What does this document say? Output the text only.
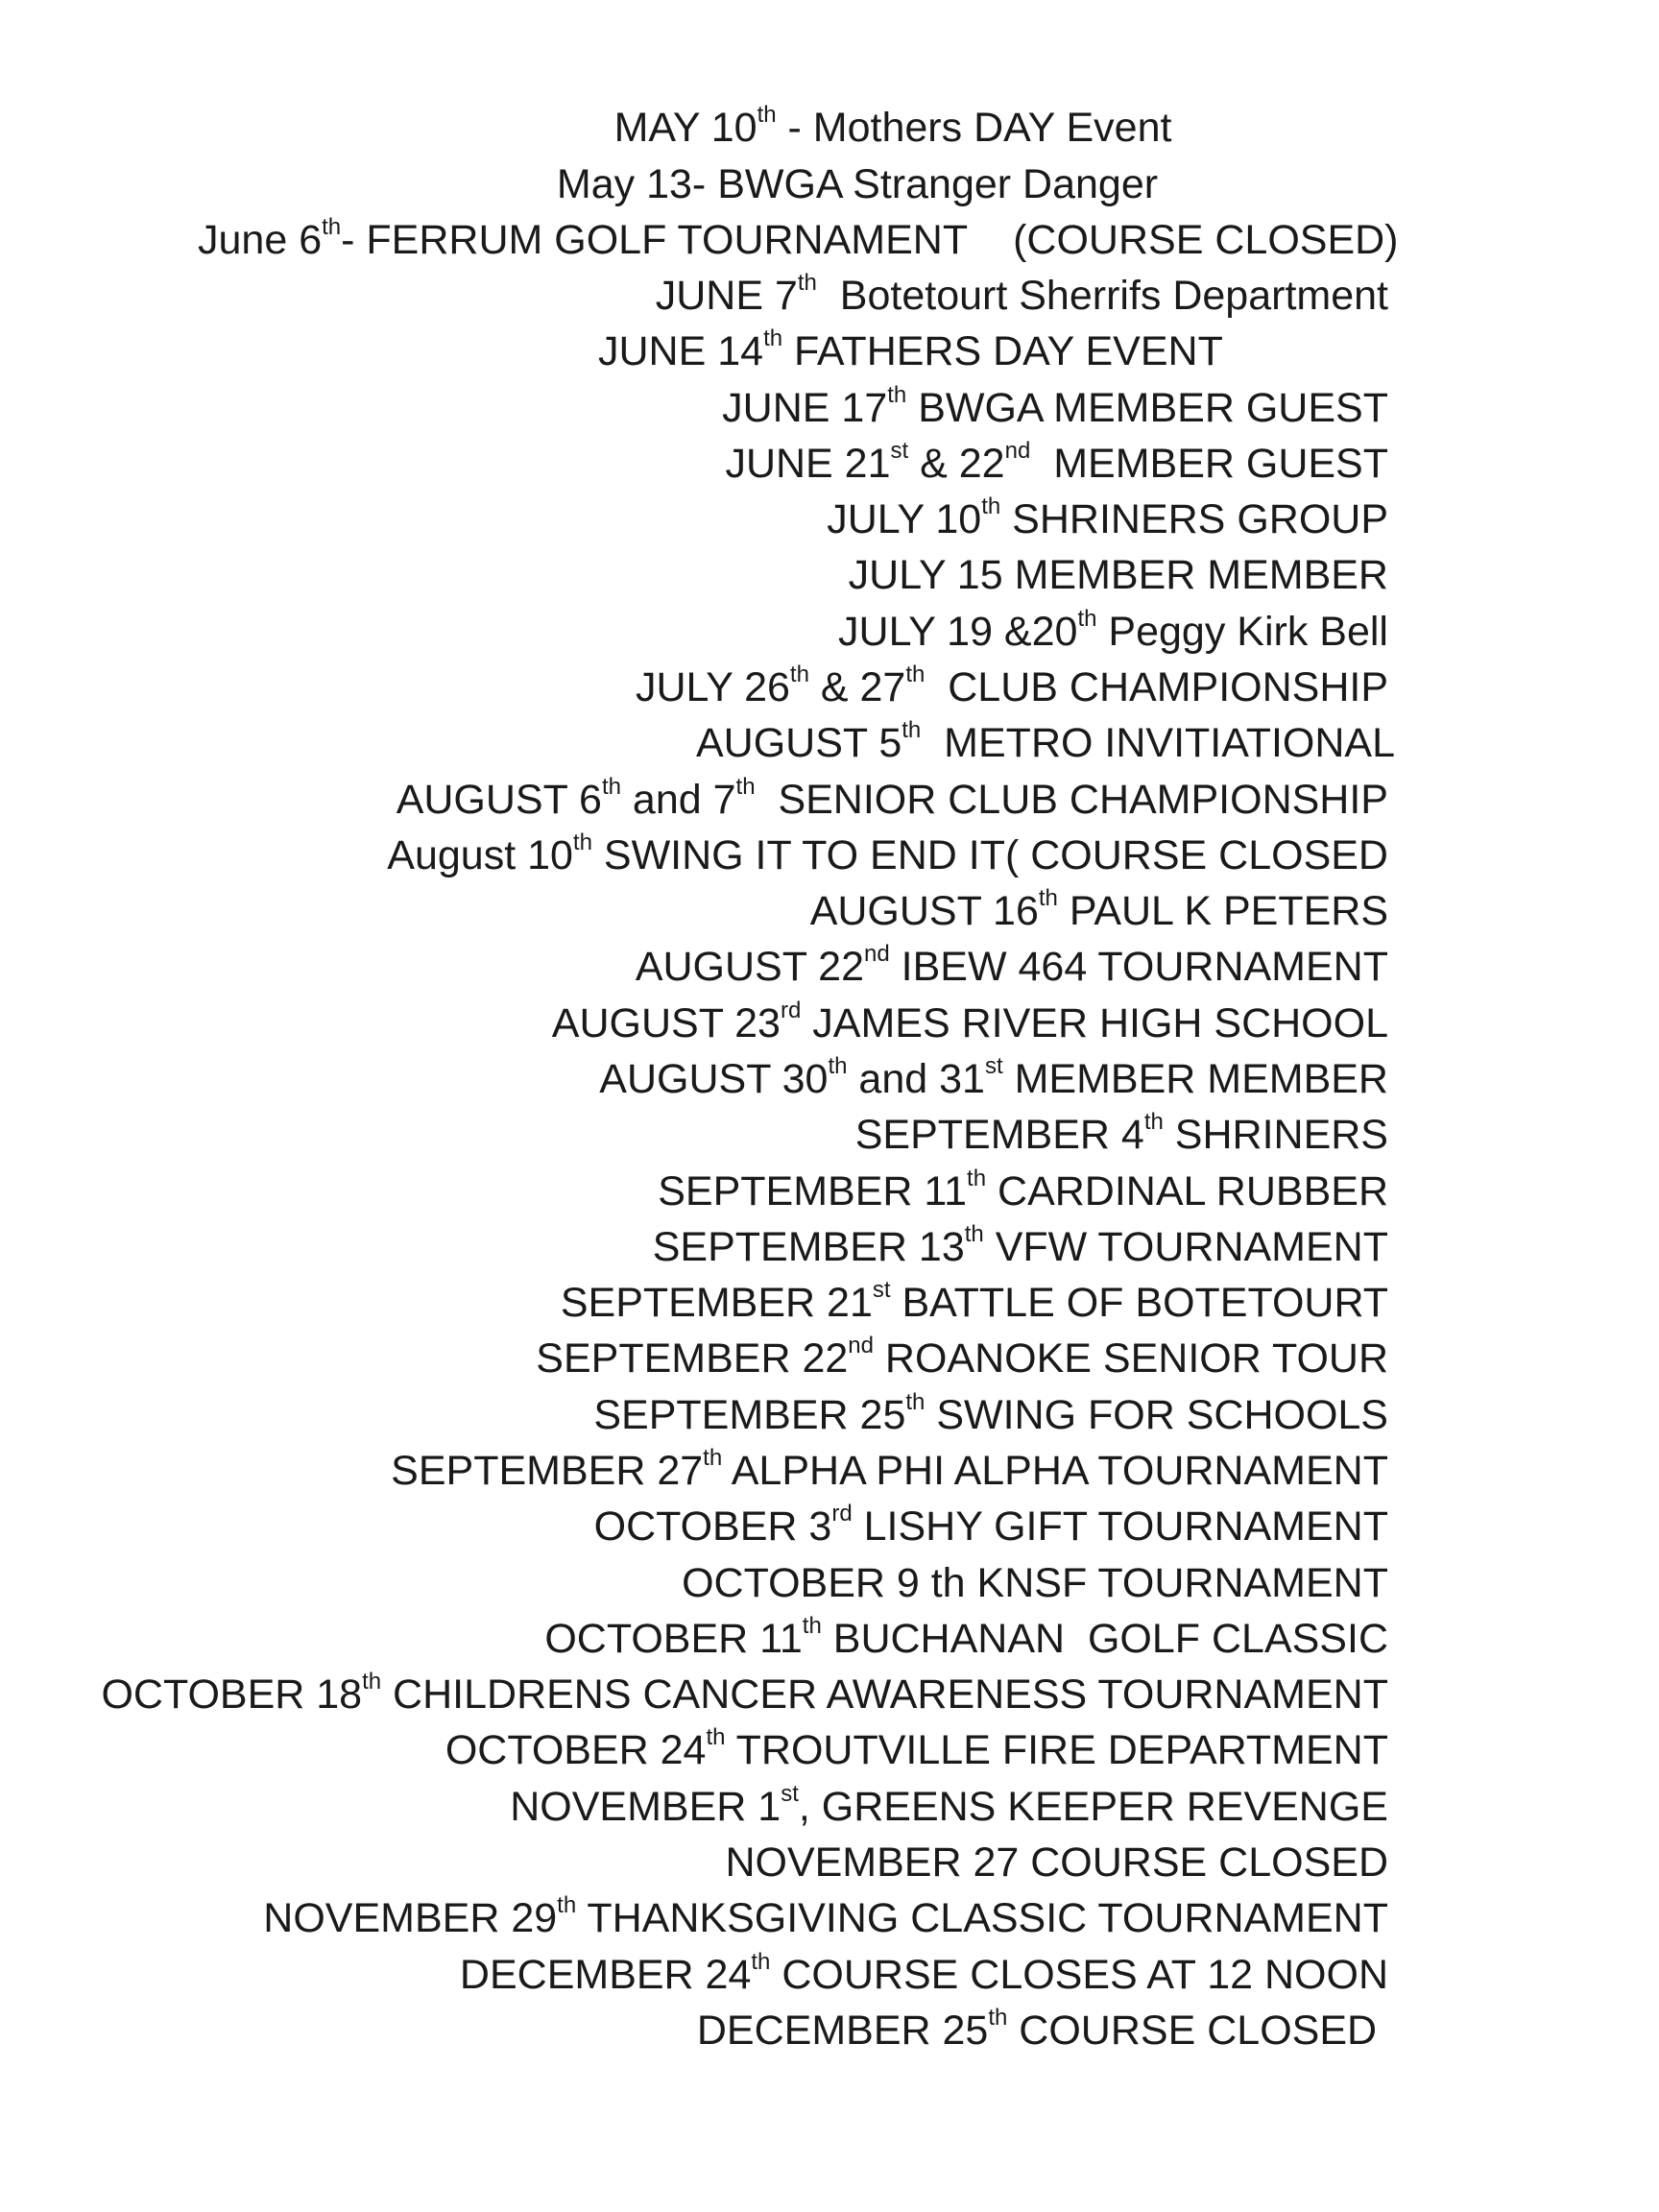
MAY 10th - Mothers DAY Event
May 13- BWGA Stranger Danger
June 6th- FERRUM GOLF TOURNAMENT    (COURSE CLOSED)
JUNE 7th  Botetourt Sherrifs Department
JUNE 14th FATHERS DAY EVENT
JUNE 17th BWGA MEMBER GUEST
JUNE 21st & 22nd  MEMBER GUEST
JULY 10th SHRINERS GROUP
JULY 15 MEMBER MEMBER
JULY 19 &20th Peggy Kirk Bell
JULY 26th & 27th  CLUB CHAMPIONSHIP
AUGUST 5th  METRO INVITIATIONAL
AUGUST 6th and 7th  SENIOR CLUB CHAMPIONSHIP
August 10th SWING IT TO END IT( COURSE CLOSED
AUGUST 16th PAUL K PETERS
AUGUST 22nd IBEW 464 TOURNAMENT
AUGUST 23rd JAMES RIVER HIGH SCHOOL
AUGUST 30th and 31st MEMBER MEMBER
SEPTEMBER 4th SHRINERS
SEPTEMBER 11th CARDINAL RUBBER
SEPTEMBER 13th VFW TOURNAMENT
SEPTEMBER 21st BATTLE OF BOTETOURT
SEPTEMBER 22nd ROANOKE SENIOR TOUR
SEPTEMBER 25th SWING FOR SCHOOLS
SEPTEMBER 27th ALPHA PHI ALPHA TOURNAMENT
OCTOBER 3rd LISHY GIFT TOURNAMENT
OCTOBER 9 th KNSF TOURNAMENT
OCTOBER 11th BUCHANAN  GOLF CLASSIC
OCTOBER 18th CHILDRENS CANCER AWARENESS TOURNAMENT
OCTOBER 24th TROUTVILLE FIRE DEPARTMENT
NOVEMBER 1st, GREENS KEEPER REVENGE
NOVEMBER 27 COURSE CLOSED
NOVEMBER 29th THANKSGIVING CLASSIC TOURNAMENT
DECEMBER 24th COURSE CLOSES AT 12 NOON
DECEMBER 25th COURSE CLOSED
